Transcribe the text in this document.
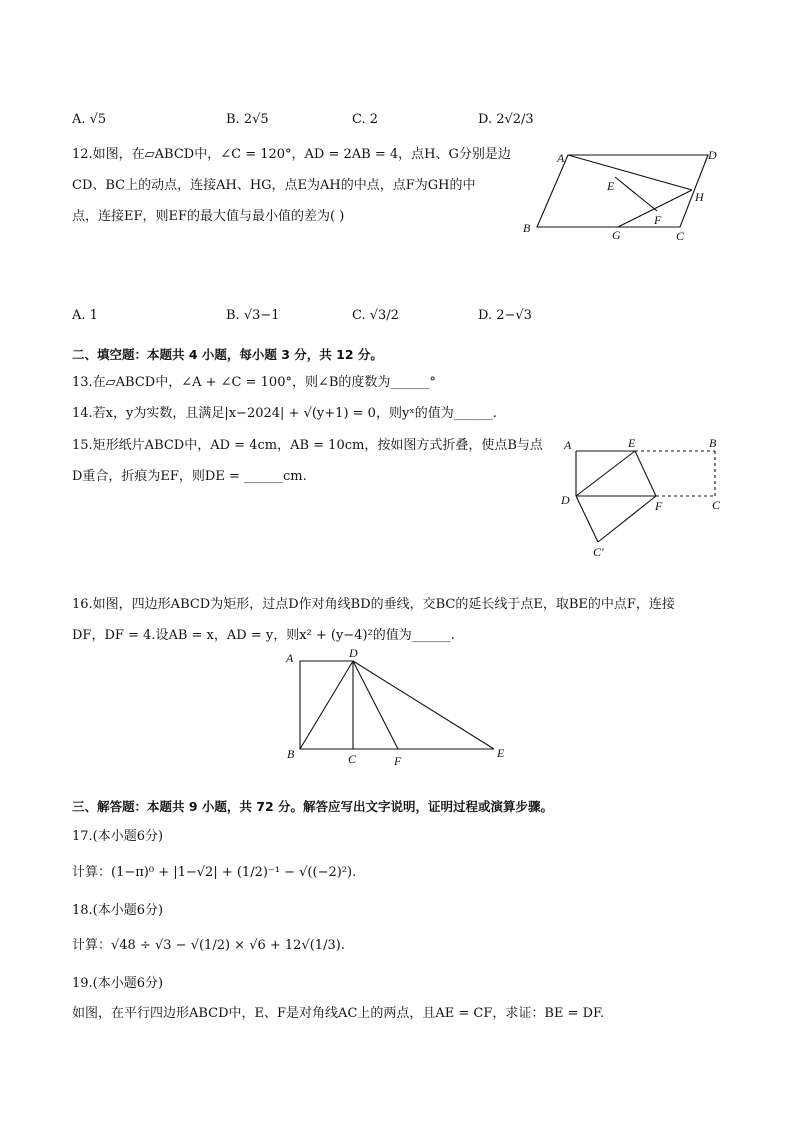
A. √5	B. 2√5	C. 2	D. 2√2/3
12.如图，在▱ABCD中，∠C = 120°，AD = 2AB = 4，点H、G分别是边
CD、BC上的动点，连接AH、HG，点E为AH的中点，点F为GH的中
点，连接EF，则EF的最大值与最小值的差为( )
A	D
E
H
B	G
F
C
A. 1	B. √3−1	C. √3/2	D. 2−√3
二、填空题：本题共 4 小题，每小题 3 分，共 12 分。
13.在▱ABCD中，∠A + ∠C = 100°，则∠B的度数为______°
14.若x，y为实数，且满足|x−2024| + √(y+1) = 0，则yˣ的值为______.
15.矩形纸片ABCD中，AD = 4cm，AB = 10cm，按如图方式折叠，使点B与点
D重合，折痕为EF，则DE = ______cm.
A	E	B
D	F	C
C′
16.如图，四边形ABCD为矩形，过点D作对角线BD的垂线，交BC的延长线于点E，取BE的中点F，连接
DF，DF = 4.设AB = x，AD = y，则x² + (y−4)²的值为______.
A	D
B	C	F
E
三、解答题：本题共 9 小题，共 72 分。解答应写出文字说明，证明过程或演算步骤。
17.(本小题6分)
计算：(1−π)⁰ + |1−√2| + (1/2)⁻¹ − √((−2)²).
18.(本小题6分)
计算：√48 ÷ √3 − √(1/2) × √6 + 12√(1/3).
19.(本小题6分)
如图，在平行四边形ABCD中，E、F是对角线AC上的两点，且AE = CF，求证：BE = DF.
